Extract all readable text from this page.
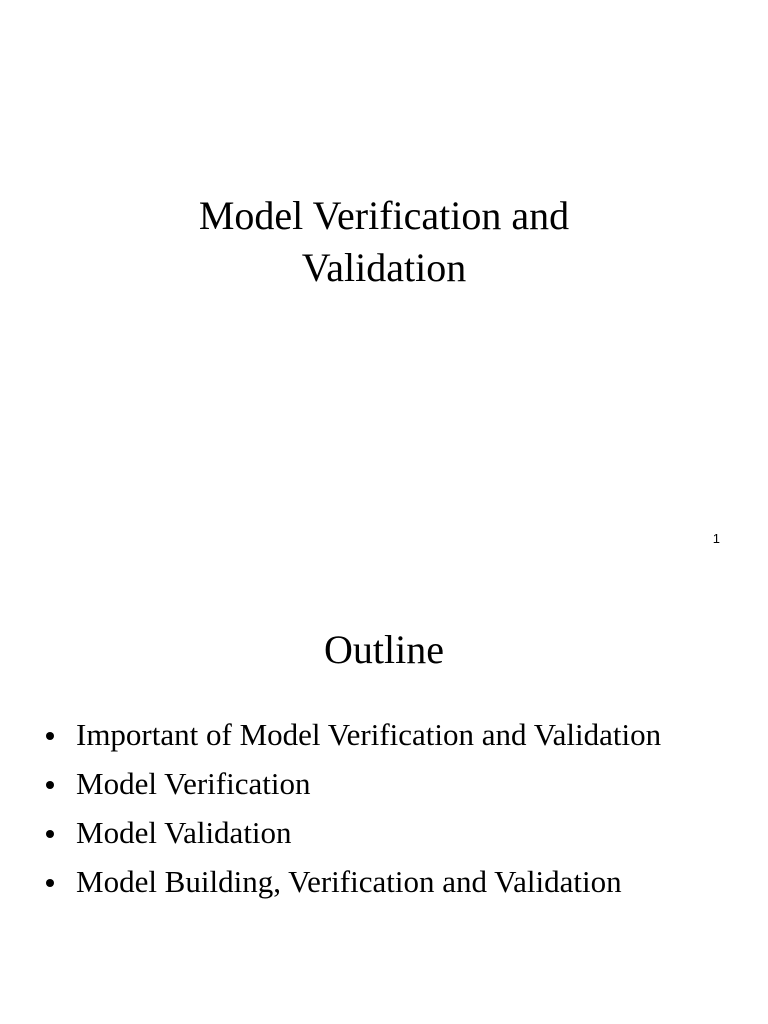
Model Verification and
Validation
1
Outline
Important of Model Verification and Validation
Model Verification
Model Validation
Model Building, Verification and Validation
